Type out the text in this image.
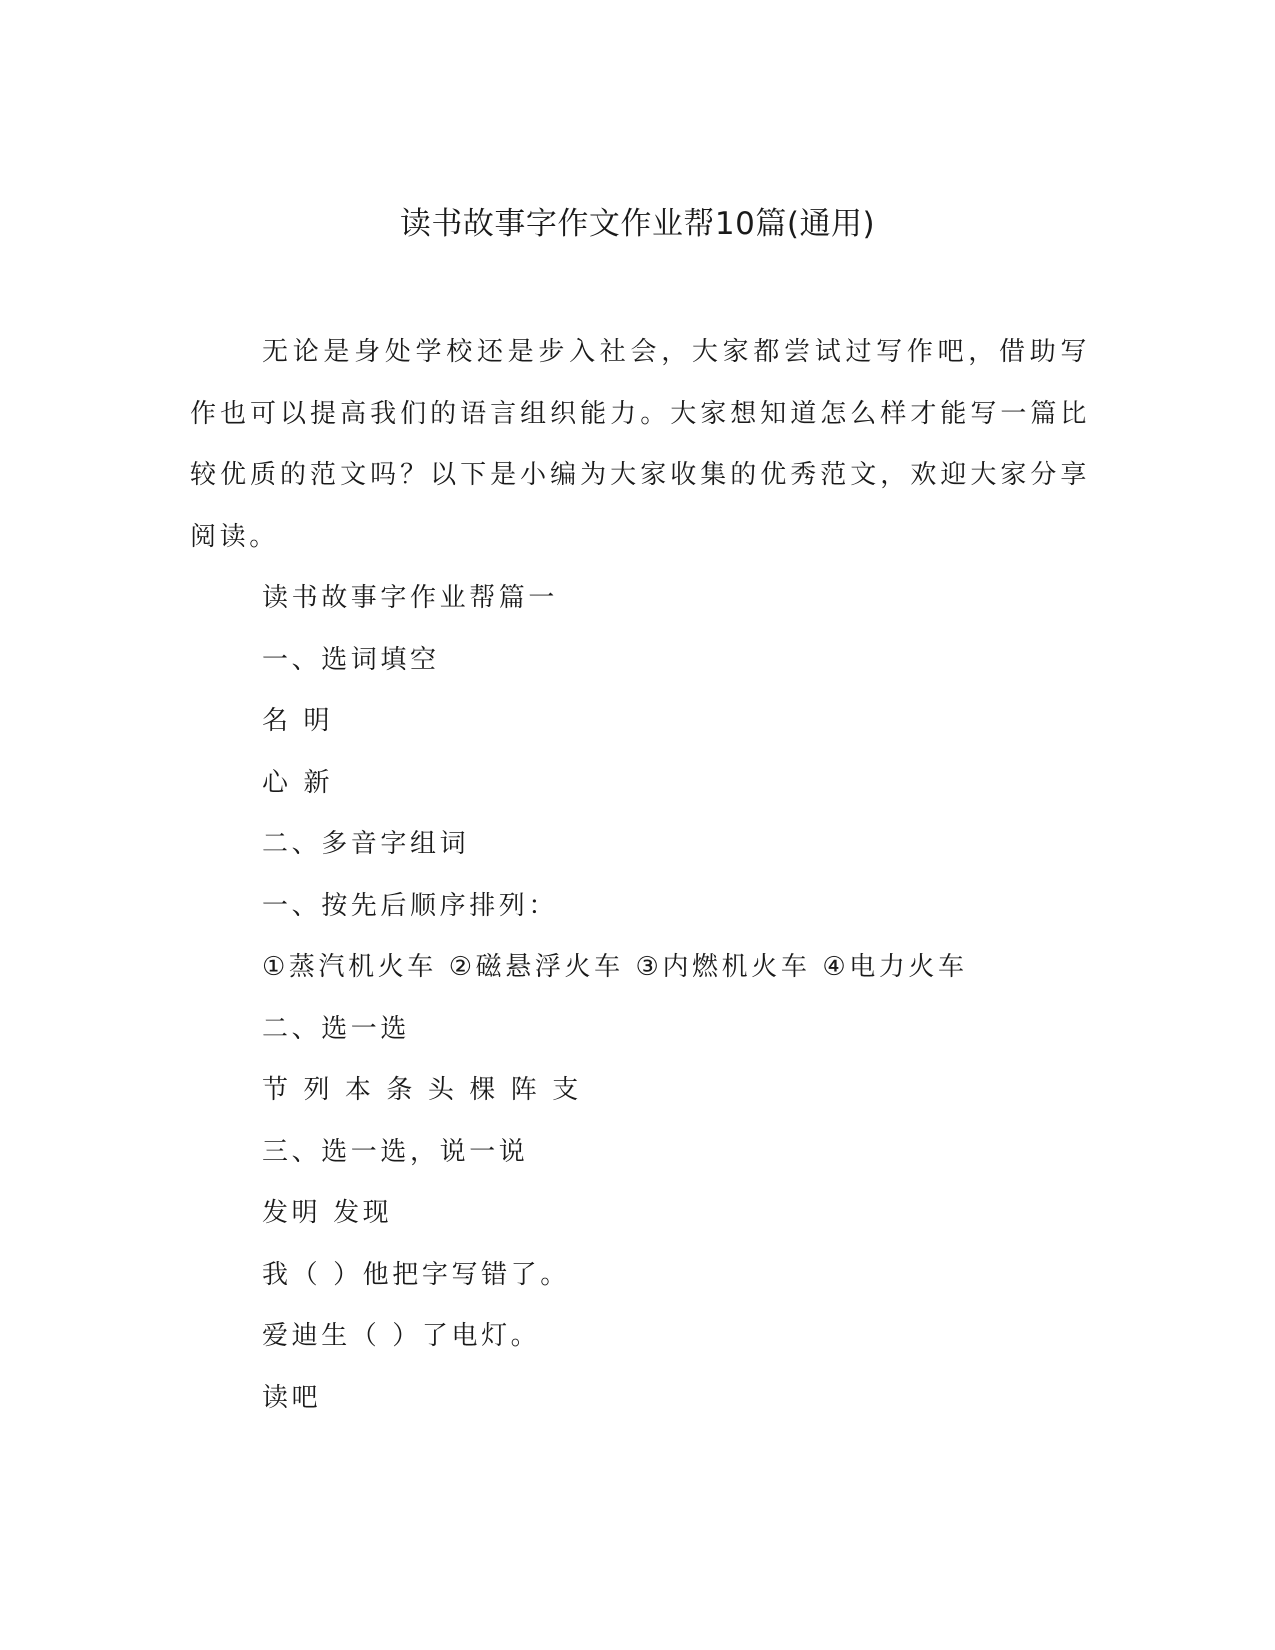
读书故事字作文作业帮10篇(通用)

无论是身处学校还是步入社会，大家都尝试过写作吧，借助写作也可以提高我们的语言组织能力。大家想知道怎么样才能写一篇比较优质的范文吗？以下是小编为大家收集的优秀范文，欢迎大家分享阅读。

读书故事字作业帮篇一

一、选词填空

名 明

心 新

二、多音字组词

一、按先后顺序排列：

①蒸汽机火车 ②磁悬浮火车 ③内燃机火车 ④电力火车

二、选一选

节 列 本 条 头 棵 阵 支

三、选一选，说一说

发明 发现

我（ ）他把字写错了。

爱迪生（ ）了电灯。

读吧
